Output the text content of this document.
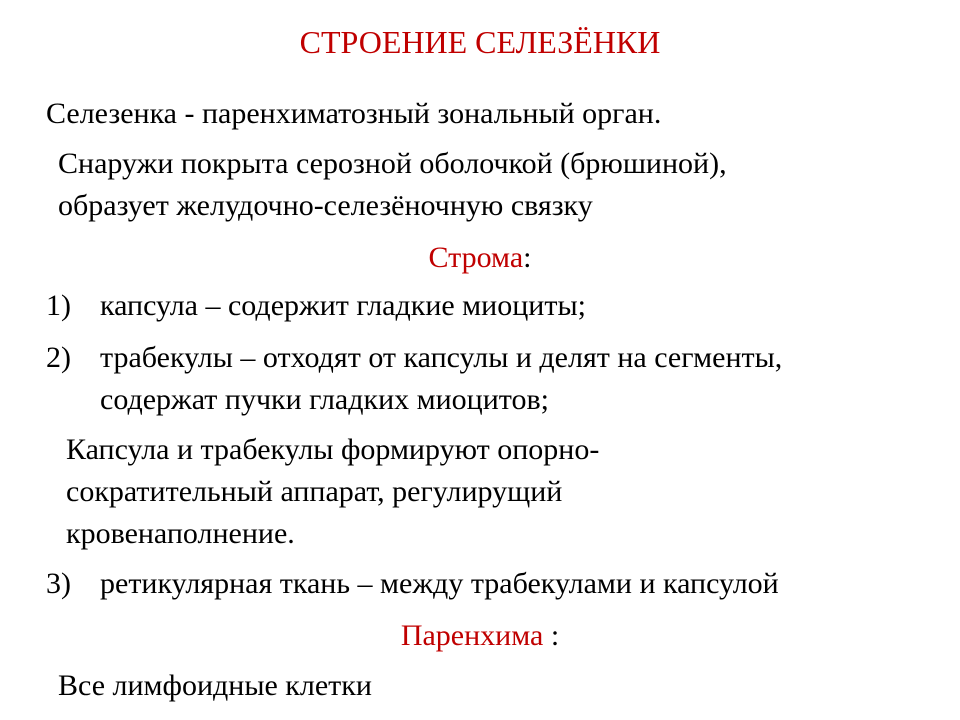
СТРОЕНИЕ СЕЛЕЗЁНКИ
Селезенка - паренхиматозный зональный орган.
Снаружи покрыта серозной оболочкой (брюшиной),
образует желудочно-селезёночную связку
Строма:
1) капсула – содержит гладкие миоциты;
2) трабекулы – отходят от капсулы и делят на сегменты,
содержат пучки гладких миоцитов;
Капсула и трабекулы формируют опорно-
сократительный аппарат, регулирущий
кровенаполнение.
3) ретикулярная ткань – между трабекулами и капсулой
Паренхима :
Все лимфоидные клетки
